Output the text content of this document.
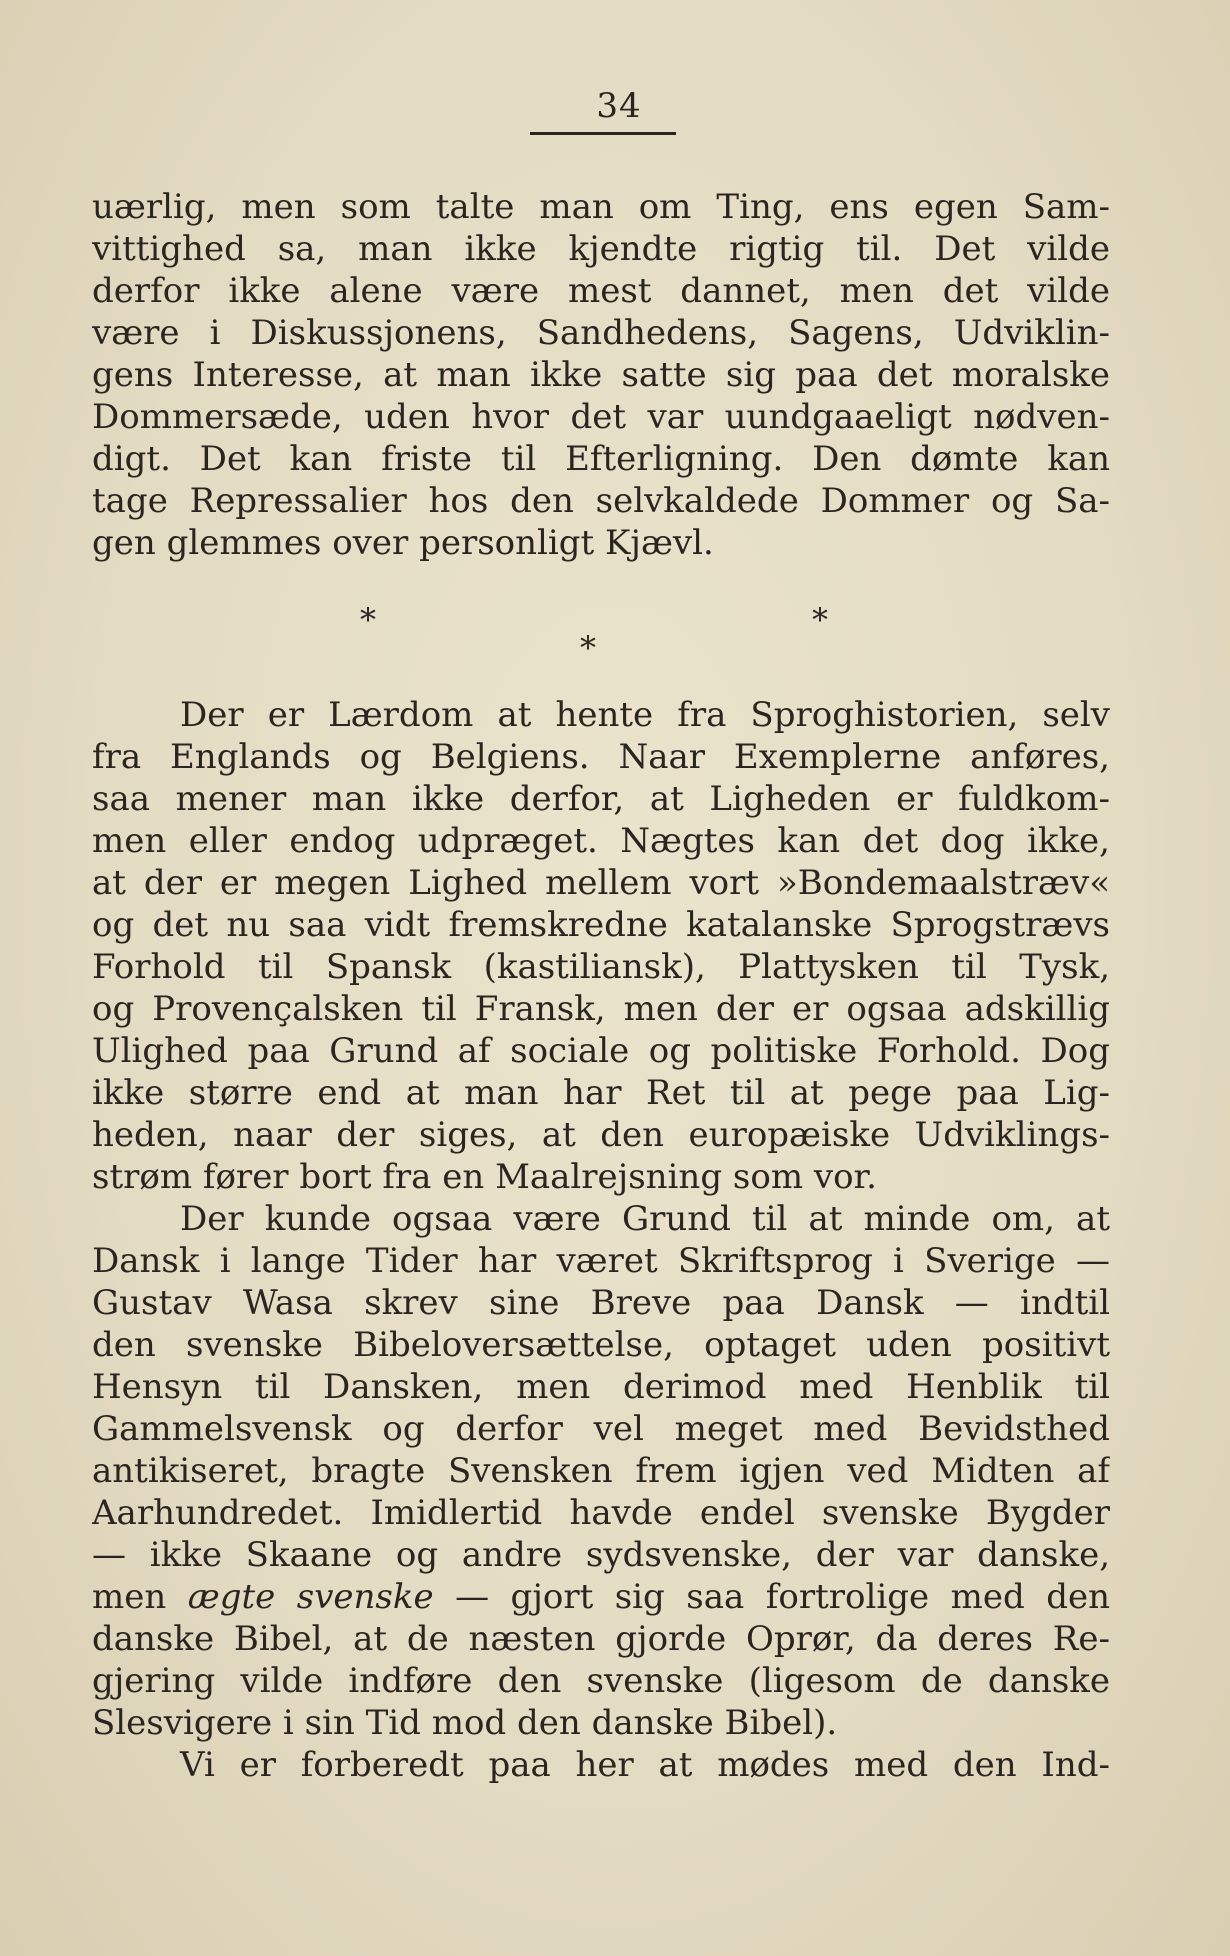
34
uærlig, men som talte man om Ting, ens egen Sam-
vittighed sa, man ikke kjendte rigtig til. Det vilde
derfor ikke alene være mest dannet, men det vilde
være i Diskussjonens, Sandhedens, Sagens, Udviklin-
gens Interesse, at man ikke satte sig paa det moralske
Dommersæde, uden hvor det var uundgaaeligt nødven-
digt. Det kan friste til Efterligning. Den dømte kan
tage Repressalier hos den selvkaldede Dommer og Sa-
gen glemmes over personligt Kjævl.
*
*
*
Der er Lærdom at hente fra Sproghistorien, selv
fra Englands og Belgiens. Naar Exemplerne anføres,
saa mener man ikke derfor, at Ligheden er fuldkom-
men eller endog udpræget. Nægtes kan det dog ikke,
at der er megen Lighed mellem vort »Bondemaalstræv«
og det nu saa vidt fremskredne katalanske Sprogstrævs
Forhold til Spansk (kastiliansk), Plattysken til Tysk,
og Provençalsken til Fransk, men der er ogsaa adskillig
Ulighed paa Grund af sociale og politiske Forhold. Dog
ikke større end at man har Ret til at pege paa Lig-
heden, naar der siges, at den europæiske Udviklings-
strøm fører bort fra en Maalrejsning som vor.
Der kunde ogsaa være Grund til at minde om, at
Dansk i lange Tider har været Skriftsprog i Sverige —
Gustav Wasa skrev sine Breve paa Dansk — indtil
den svenske Bibeloversættelse, optaget uden positivt
Hensyn til Dansken, men derimod med Henblik til
Gammelsvensk og derfor vel meget med Bevidsthed
antikiseret, bragte Svensken frem igjen ved Midten af
Aarhundredet. Imidlertid havde endel svenske Bygder
— ikke Skaane og andre sydsvenske, der var danske,
men ægte svenske — gjort sig saa fortrolige med den
danske Bibel, at de næsten gjorde Oprør, da deres Re-
gjering vilde indføre den svenske (ligesom de danske
Slesvigere i sin Tid mod den danske Bibel).
Vi er forberedt paa her at mødes med den Ind-
